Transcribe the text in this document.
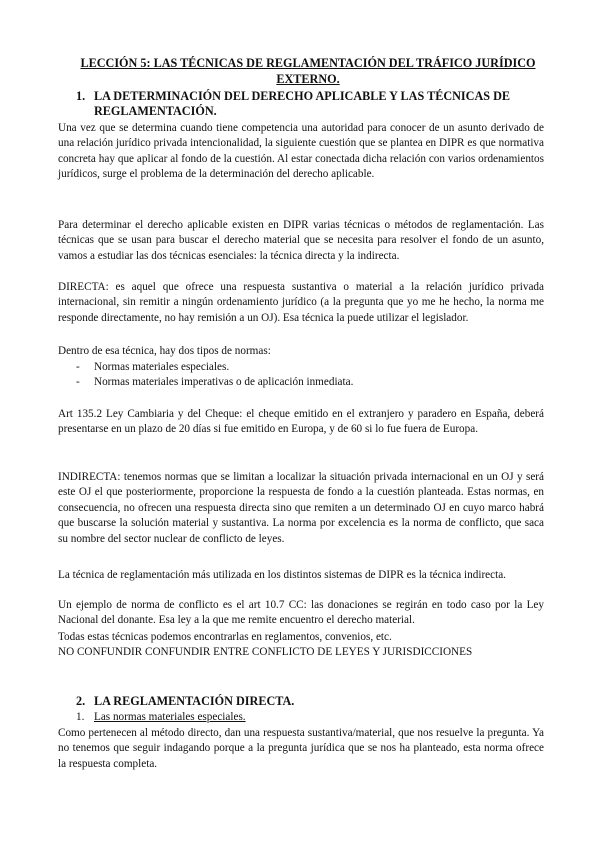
LECCIÓN 5: LAS TÉCNICAS DE REGLAMENTACIÓN DEL TRÁFICO JURÍDICO EXTERNO.
1. LA DETERMINACIÓN DEL DERECHO APLICABLE Y LAS TÉCNICAS DE REGLAMENTACIÓN.

Una vez que se determina cuando tiene competencia una autoridad para conocer de un asunto derivado de una relación jurídico privada intencionalidad, la siguiente cuestión que se plantea en DIPR es que normativa concreta hay que aplicar al fondo de la cuestión. Al estar conectada dicha relación con varios ordenamientos jurídicos, surge el problema de la determinación del derecho aplicable.

Para determinar el derecho aplicable existen en DIPR varias técnicas o métodos de reglamentación. Las técnicas que se usan para buscar el derecho material que se necesita para resolver el fondo de un asunto, vamos a estudiar las dos técnicas esenciales: la técnica directa y la indirecta.

DIRECTA: es aquel que ofrece una respuesta sustantiva o material a la relación jurídico privada internacional, sin remitir a ningún ordenamiento jurídico (a la pregunta que yo me he hecho, la norma me responde directamente, no hay remisión a un OJ). Esa técnica la puede utilizar el legislador.

Dentro de esa técnica, hay dos tipos de normas:

- Normas materiales especiales.

- Normas materiales imperativas o de aplicación inmediata.

Art 135.2 Ley Cambiaria y del Cheque: el cheque emitido en el extranjero y paradero en España, deberá presentarse en un plazo de 20 días si fue emitido en Europa, y de 60 si lo fue fuera de Europa.

INDIRECTA: tenemos normas que se limitan a localizar la situación privada internacional en un OJ y será este OJ el que posteriormente, proporcione la respuesta de fondo a la cuestión planteada. Estas normas, en consecuencia, no ofrecen una respuesta directa sino que remiten a un determinado OJ en cuyo marco habrá que buscarse la solución material y sustantiva. La norma por excelencia es la norma de conflicto, que saca su nombre del sector nuclear de conflicto de leyes.

La técnica de reglamentación más utilizada en los distintos sistemas de DIPR es la técnica indirecta.

Un ejemplo de norma de conflicto es el art 10.7 CC: las donaciones se regirán en todo caso por la Ley Nacional del donante. Esa ley a la que me remite encuentro el derecho material.

Todas estas técnicas podemos encontrarlas en reglamentos, convenios, etc.

NO CONFUNDIR CONFUNDIR ENTRE CONFLICTO DE LEYES Y JURISDICCIONES
2. LA REGLAMENTACIÓN DIRECTA.
1. Las normas materiales especiales.

Como pertenecen al método directo, dan una respuesta sustantiva/material, que nos resuelve la pregunta. Ya no tenemos que seguir indagando porque a la pregunta jurídica que se nos ha planteado, esta norma ofrece la respuesta completa.
